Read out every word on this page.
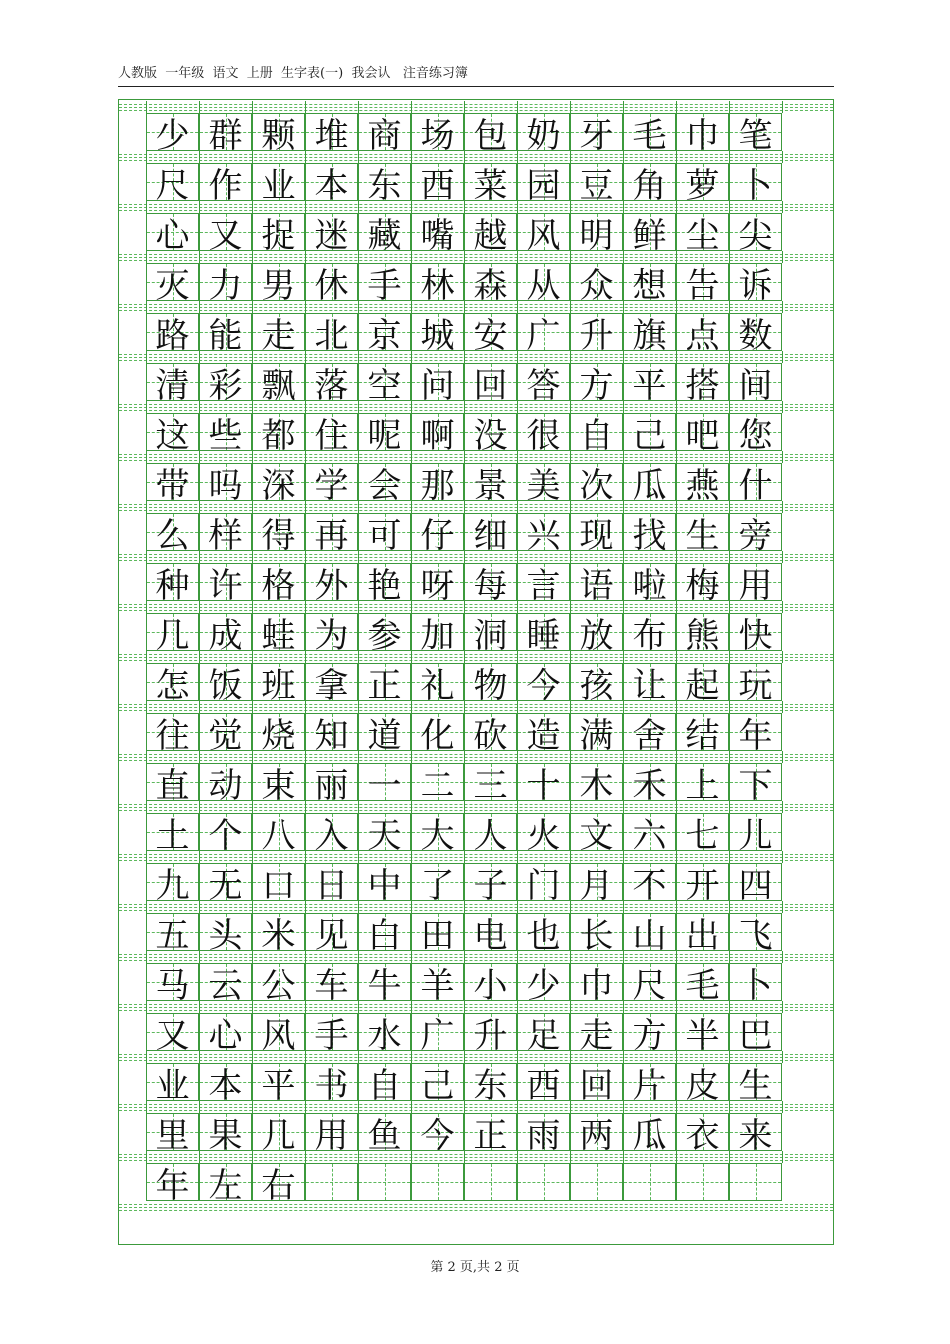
人教版  一年级  语文  上册  生字表(一)  我会认   注音练习簿
少 群 颗 堆 商 场 包 奶 牙 毛 巾 笔
尺 作 业 本 东 西 菜 园 豆 角 萝 卜
心 又 捉 迷 藏 嘴 越 风 明 鲜 尘 尖
灭 力 男 休 手 林 森 从 众 想 告 诉
路 能 走 北 京 城 安 广 升 旗 点 数
清 彩 飘 落 空 问 回 答 方 平 搭 间
这 些 都 住 呢 啊 没 很 自 己 吧 您
带 吗 深 学 会 那 景 美 次 瓜 燕 什
么 样 得 再 可 仔 细 兴 现 找 生 旁
种 许 格 外 艳 呀 每 言 语 啦 梅 用
几 成 蛙 为 参 加 洞 睡 放 布 熊 快
怎 饭 班 拿 正 礼 物 今 孩 让 起 玩
往 觉 烧 知 道 化 砍 造 满 舍 结 年
直 动 束 丽 一 二 三 十 木 禾 上 下
土 个 八 入 天 大 人 火 文 六 七 儿
九 无 口 日 中 了 子 门 月 不 开 四
五 头 米 见 白 田 电 也 长 山 出 飞
马 云 公 车 牛 羊 小 少 巾 尺 毛 卜
又 心 风 手 水 广 升 足 走 方 半 巴
业 本 平 书 自 己 东 西 回 片 皮 生
里 果 几 用 鱼 今 正 雨 两 瓜 衣 来
年 左 右
第 2 页,共 2 页
